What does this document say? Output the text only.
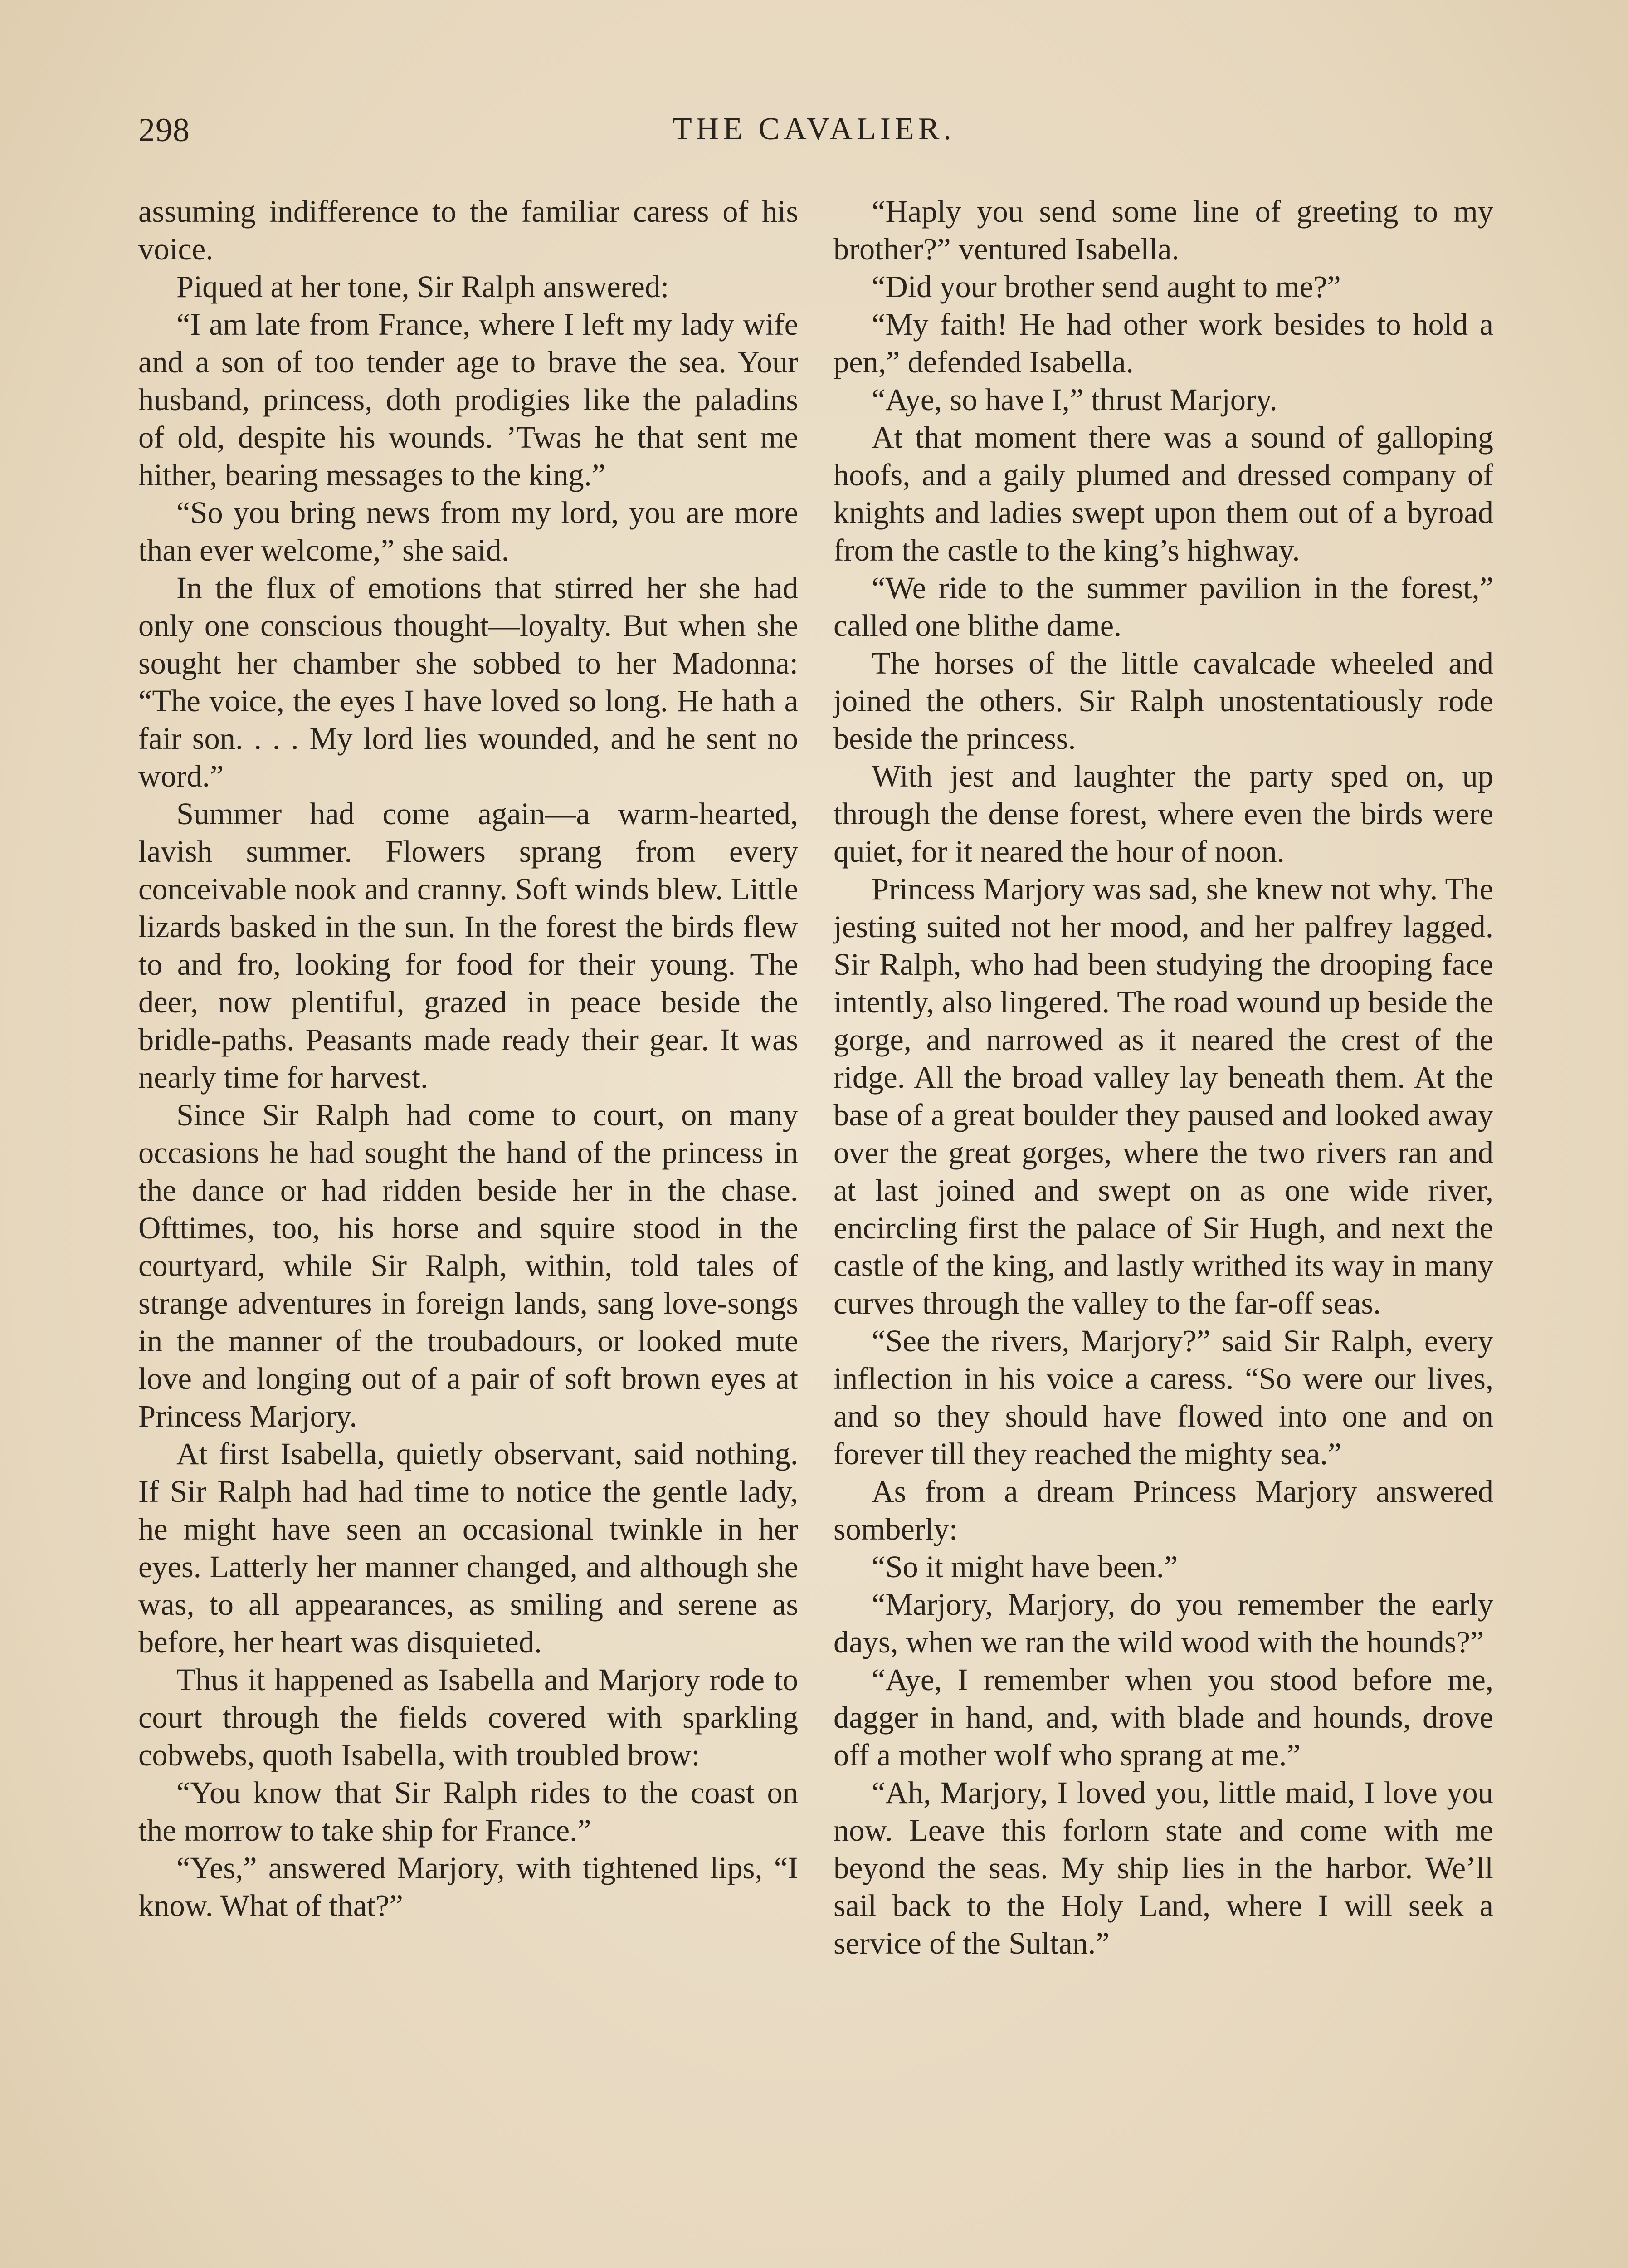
298	THE CAVALIER.

assuming indifference to the familiar caress of his voice.

Piqued at her tone, Sir Ralph answered:

“I am late from France, where I left my lady wife and a son of too tender age to brave the sea. Your husband, princess, doth prodigies like the paladins of old, despite his wounds. ’Twas he that sent me hither, bearing messages to the king.”

“So you bring news from my lord, you are more than ever welcome,” she said.

In the flux of emotions that stirred her she had only one conscious thought—loyalty. But when she sought her chamber she sobbed to her Madonna: “The voice, the eyes I have loved so long. He hath a fair son. . . . My lord lies wounded, and he sent no word.”

Summer had come again—a warm-hearted, lavish summer. Flowers sprang from every conceivable nook and cranny. Soft winds blew. Little lizards basked in the sun. In the forest the birds flew to and fro, looking for food for their young. The deer, now plentiful, grazed in peace beside the bridle-paths. Peasants made ready their gear. It was nearly time for harvest.

Since Sir Ralph had come to court, on many occasions he had sought the hand of the princess in the dance or had ridden beside her in the chase. Ofttimes, too, his horse and squire stood in the courtyard, while Sir Ralph, within, told tales of strange adventures in foreign lands, sang love-songs in the manner of the troubadours, or looked mute love and longing out of a pair of soft brown eyes at Princess Marjory.

At first Isabella, quietly observant, said nothing. If Sir Ralph had had time to notice the gentle lady, he might have seen an occasional twinkle in her eyes. Latterly her manner changed, and although she was, to all appearances, as smiling and serene as before, her heart was disquieted.

Thus it happened as Isabella and Marjory rode to court through the fields covered with sparkling cobwebs, quoth Isabella, with troubled brow:

“You know that Sir Ralph rides to the coast on the morrow to take ship for France.”

“Yes,” answered Marjory, with tightened lips, “I know. What of that?”

“Haply you send some line of greeting to my brother?” ventured Isabella.

“Did your brother send aught to me?”

“My faith! He had other work besides to hold a pen,” defended Isabella.

“Aye, so have I,” thrust Marjory.

At that moment there was a sound of galloping hoofs, and a gaily plumed and dressed company of knights and ladies swept upon them out of a byroad from the castle to the king’s highway.

“We ride to the summer pavilion in the forest,” called one blithe dame.

The horses of the little cavalcade wheeled and joined the others. Sir Ralph unostentatiously rode beside the princess.

With jest and laughter the party sped on, up through the dense forest, where even the birds were quiet, for it neared the hour of noon.

Princess Marjory was sad, she knew not why. The jesting suited not her mood, and her palfrey lagged. Sir Ralph, who had been studying the drooping face intently, also lingered. The road wound up beside the gorge, and narrowed as it neared the crest of the ridge. All the broad valley lay beneath them. At the base of a great boulder they paused and looked away over the great gorges, where the two rivers ran and at last joined and swept on as one wide river, encircling first the palace of Sir Hugh, and next the castle of the king, and lastly writhed its way in many curves through the valley to the far-off seas.

“See the rivers, Marjory?” said Sir Ralph, every inflection in his voice a caress. “So were our lives, and so they should have flowed into one and on forever till they reached the mighty sea.”

As from a dream Princess Marjory answered somberly:

“So it might have been.”

“Marjory, Marjory, do you remember the early days, when we ran the wild wood with the hounds?”

“Aye, I remember when you stood before me, dagger in hand, and, with blade and hounds, drove off a mother wolf who sprang at me.”

“Ah, Marjory, I loved you, little maid, I love you now. Leave this forlorn state and come with me beyond the seas. My ship lies in the harbor. We’ll sail back to the Holy Land, where I will seek a service of the Sultan.”
